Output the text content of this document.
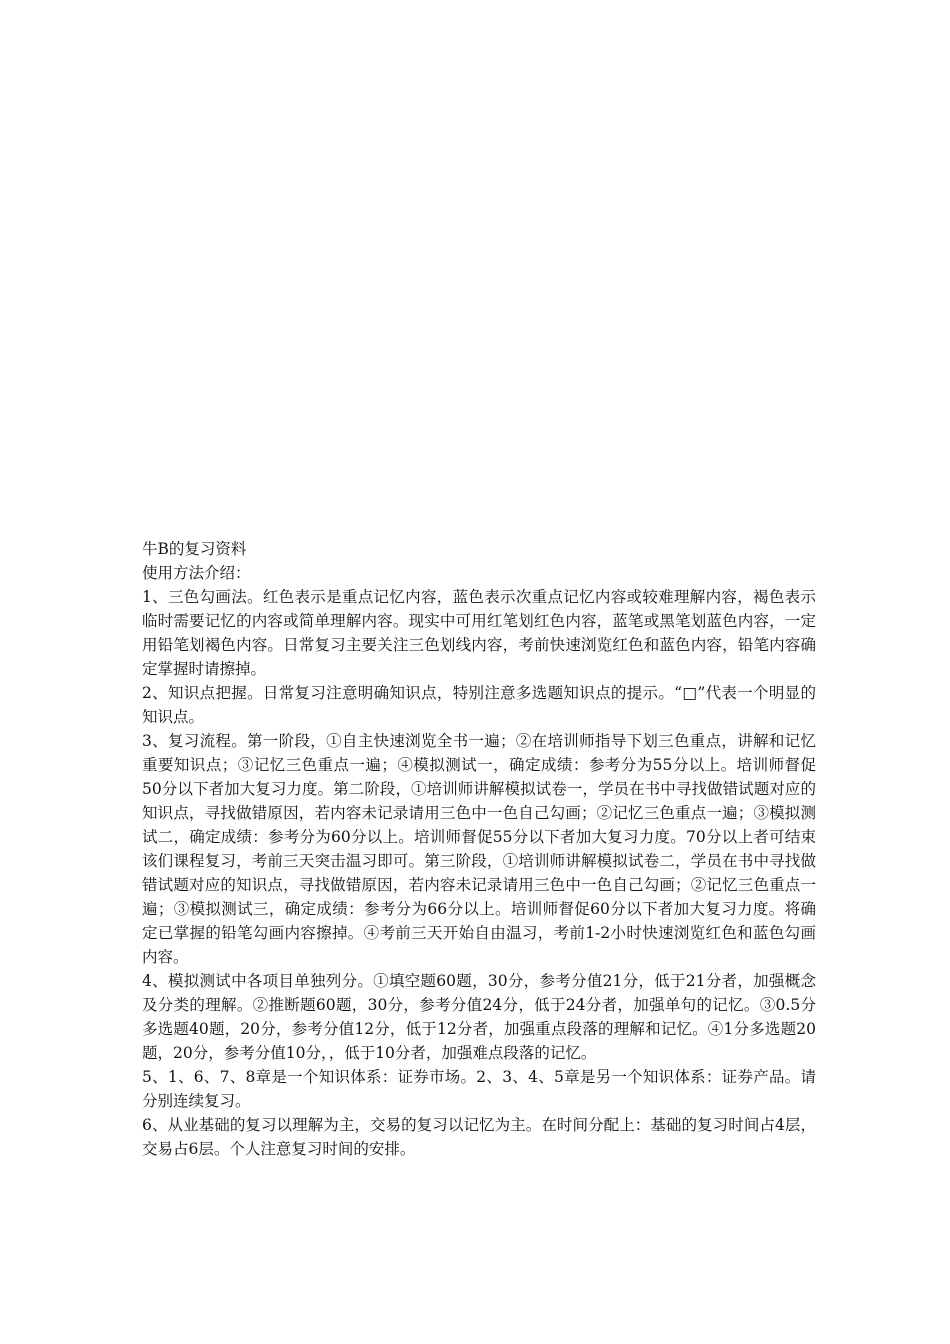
牛B的复习资料

使用方法介绍：

1、三色勾画法。红色表示是重点记忆内容，蓝色表示次重点记忆内容或较难理解内容，褐色表示临时需要记忆的内容或简单理解内容。现实中可用红笔划红色内容，蓝笔或黑笔划蓝色内容，一定用铅笔划褐色内容。日常复习主要关注三色划线内容，考前快速浏览红色和蓝色内容，铅笔内容确定掌握时请擦掉。

2、知识点把握。日常复习注意明确知识点，特别注意多选题知识点的提示。“□”代表一个明显的知识点。

3、复习流程。第一阶段，①自主快速浏览全书一遍；②在培训师指导下划三色重点，讲解和记忆重要知识点；③记忆三色重点一遍；④模拟测试一，确定成绩：参考分为55分以上。培训师督促50分以下者加大复习力度。第二阶段，①培训师讲解模拟试卷一，学员在书中寻找做错试题对应的知识点，寻找做错原因，若内容未记录请用三色中一色自己勾画；②记忆三色重点一遍；③模拟测试二，确定成绩：参考分为60分以上。培训师督促55分以下者加大复习力度。70分以上者可结束该们课程复习，考前三天突击温习即可。第三阶段，①培训师讲解模拟试卷二，学员在书中寻找做错试题对应的知识点，寻找做错原因，若内容未记录请用三色中一色自己勾画；②记忆三色重点一遍；③模拟测试三，确定成绩：参考分为66分以上。培训师督促60分以下者加大复习力度。将确定已掌握的铅笔勾画内容擦掉。④考前三天开始自由温习，考前1-2小时快速浏览红色和蓝色勾画内容。

4、模拟测试中各项目单独列分。①填空题60题，30分，参考分值21分，低于21分者，加强概念及分类的理解。②推断题60题，30分，参考分值24分，低于24分者，加强单句的记忆。③0.5分多选题40题，20分，参考分值12分，低于12分者，加强重点段落的理解和记忆。④1分多选题20题，20分，参考分值10分，，低于10分者，加强难点段落的记忆。

5、1、6、7、8章是一个知识体系：证券市场。2、3、4、5章是另一个知识体系：证券产品。请分别连续复习。

6、从业基础的复习以理解为主，交易的复习以记忆为主。在时间分配上：基础的复习时间占4层，交易占6层。个人注意复习时间的安排。
